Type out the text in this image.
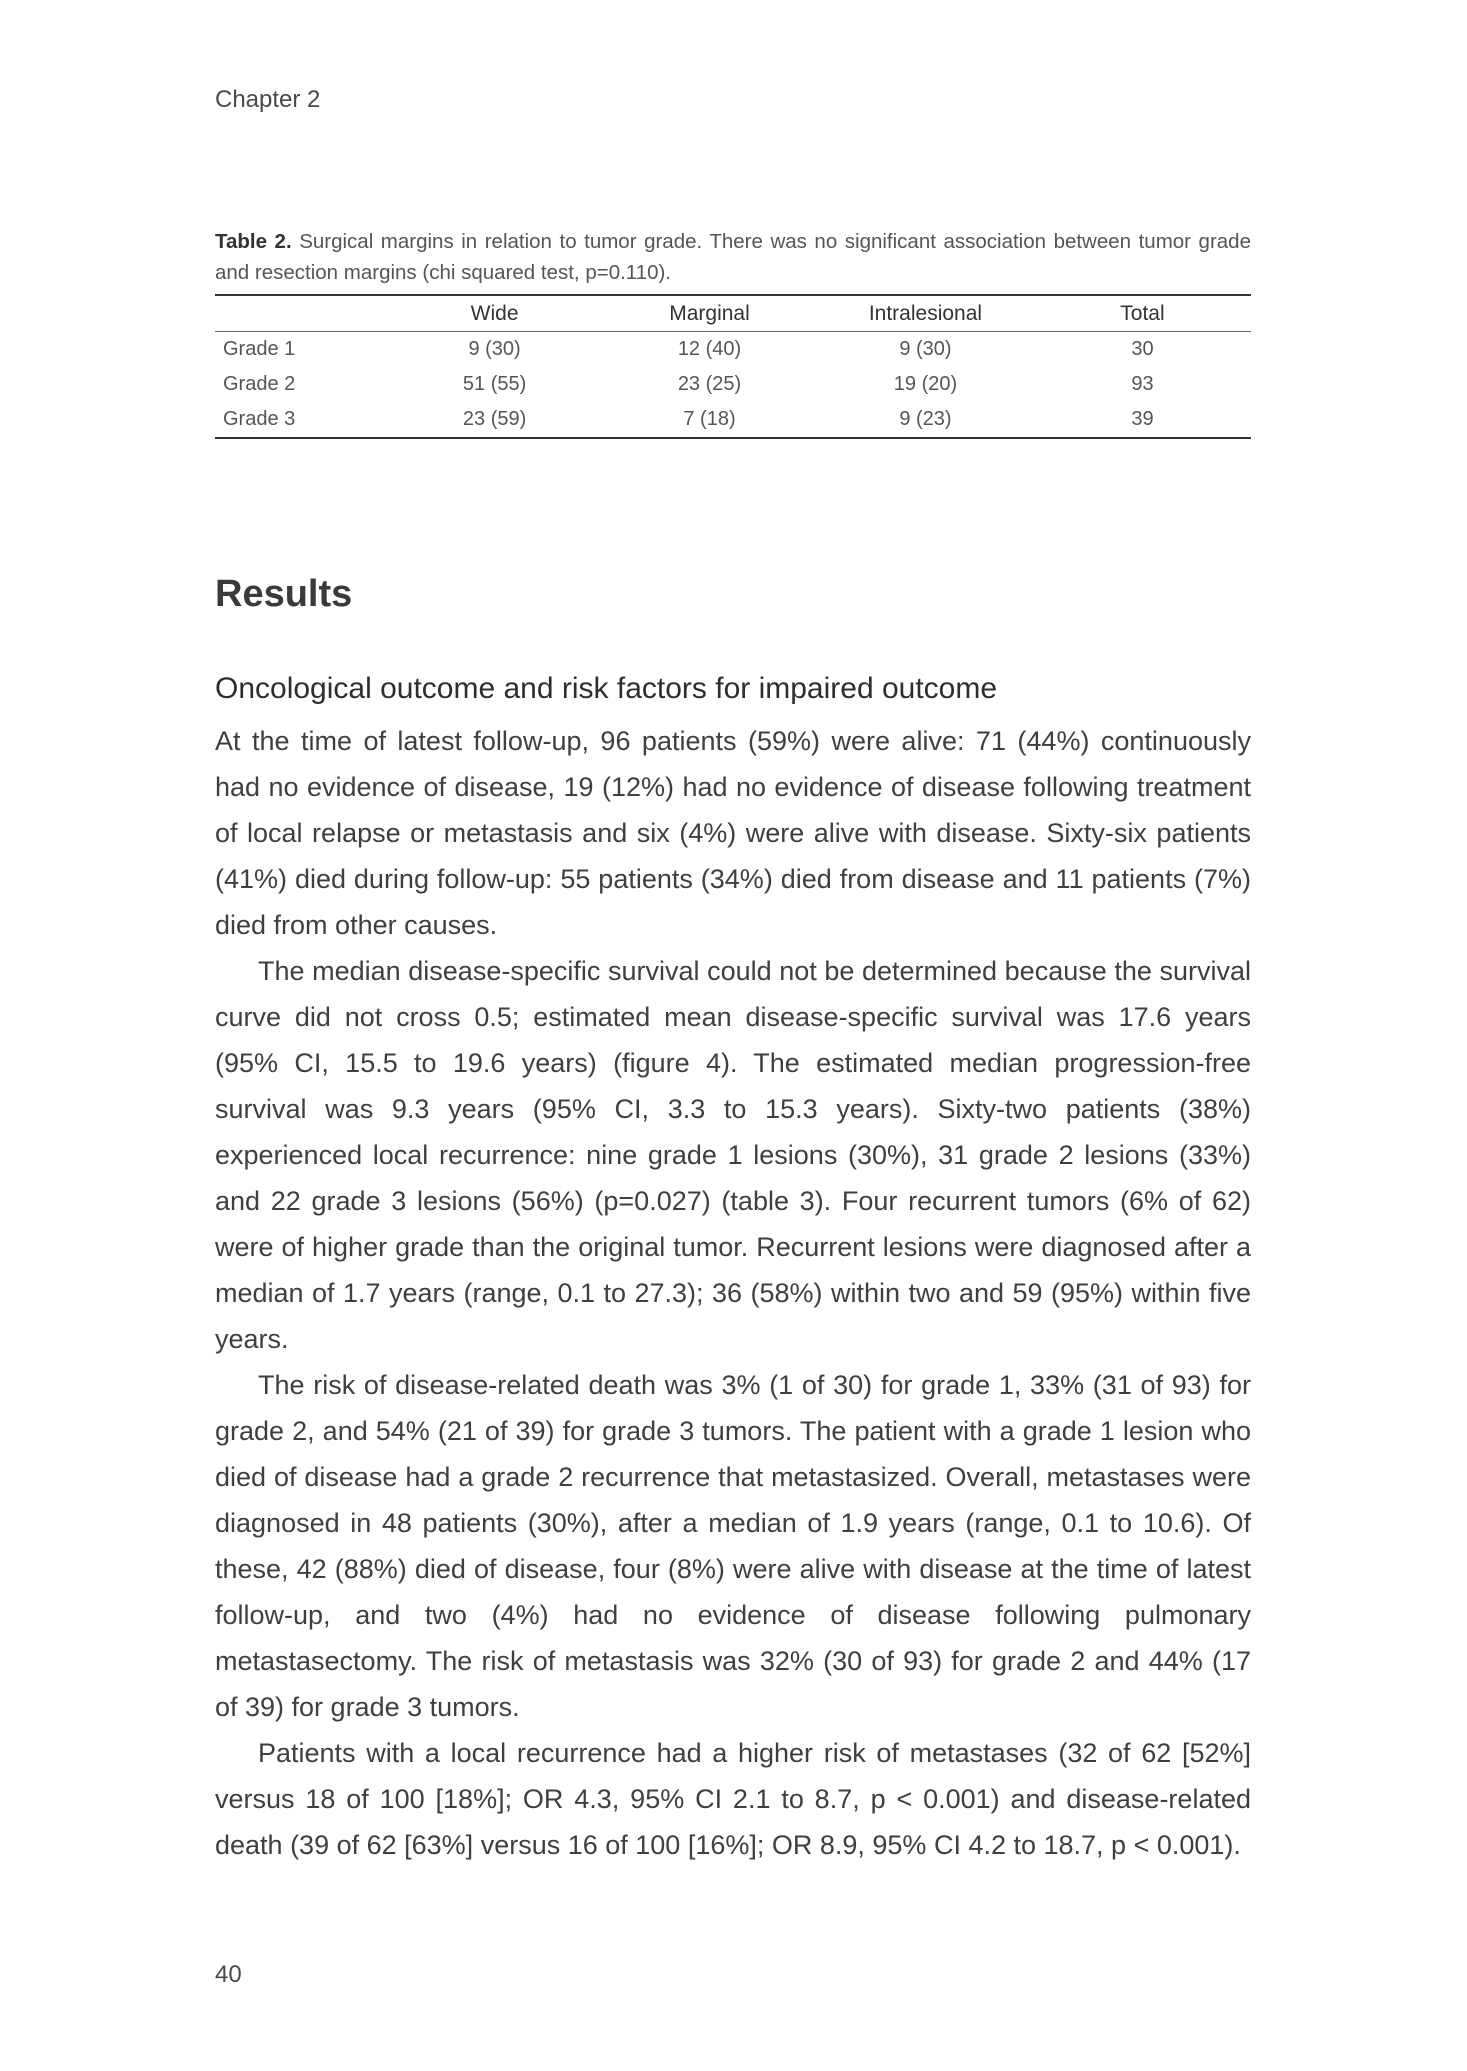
Chapter 2
Table 2. Surgical margins in relation to tumor grade. There was no significant association between tumor grade and resection margins (chi squared test, p=0.110).
	Wide	Marginal	Intralesional	Total
Grade 1	9 (30)	12 (40)	9 (30)	30
Grade 2	51 (55)	23 (25)	19 (20)	93
Grade 3	23 (59)	7 (18)	9 (23)	39
Results
Oncological outcome and risk factors for impaired outcome

At the time of latest follow-up, 96 patients (59%) were alive: 71 (44%) continuously had no evidence of disease, 19 (12%) had no evidence of disease following treatment of local relapse or metastasis and six (4%) were alive with disease. Sixty-six patients (41%) died during follow-up: 55 patients (34%) died from disease and 11 patients (7%) died from other causes.

The median disease-specific survival could not be determined because the survival curve did not cross 0.5; estimated mean disease-specific survival was 17.6 years (95% CI, 15.5 to 19.6 years) (figure 4). The estimated median progression-free survival was 9.3 years (95% CI, 3.3 to 15.3 years). Sixty-two patients (38%) experienced local recurrence: nine grade 1 lesions (30%), 31 grade 2 lesions (33%) and 22 grade 3 lesions (56%) (p=0.027) (table 3). Four recurrent tumors (6% of 62) were of higher grade than the original tumor. Recurrent lesions were diagnosed after a median of 1.7 years (range, 0.1 to 27.3); 36 (58%) within two and 59 (95%) within five years.

The risk of disease-related death was 3% (1 of 30) for grade 1, 33% (31 of 93) for grade 2, and 54% (21 of 39) for grade 3 tumors. The patient with a grade 1 lesion who died of disease had a grade 2 recurrence that metastasized. Overall, metastases were diagnosed in 48 patients (30%), after a median of 1.9 years (range, 0.1 to 10.6). Of these, 42 (88%) died of disease, four (8%) were alive with disease at the time of latest follow-up, and two (4%) had no evidence of disease following pulmonary metastasectomy. The risk of metastasis was 32% (30 of 93) for grade 2 and 44% (17 of 39) for grade 3 tumors.

Patients with a local recurrence had a higher risk of metastases (32 of 62 [52%] versus 18 of 100 [18%]; OR 4.3, 95% CI 2.1 to 8.7, p < 0.001) and disease-related death (39 of 62 [63%] versus 16 of 100 [16%]; OR 8.9, 95% CI 4.2 to 18.7, p < 0.001).

40
